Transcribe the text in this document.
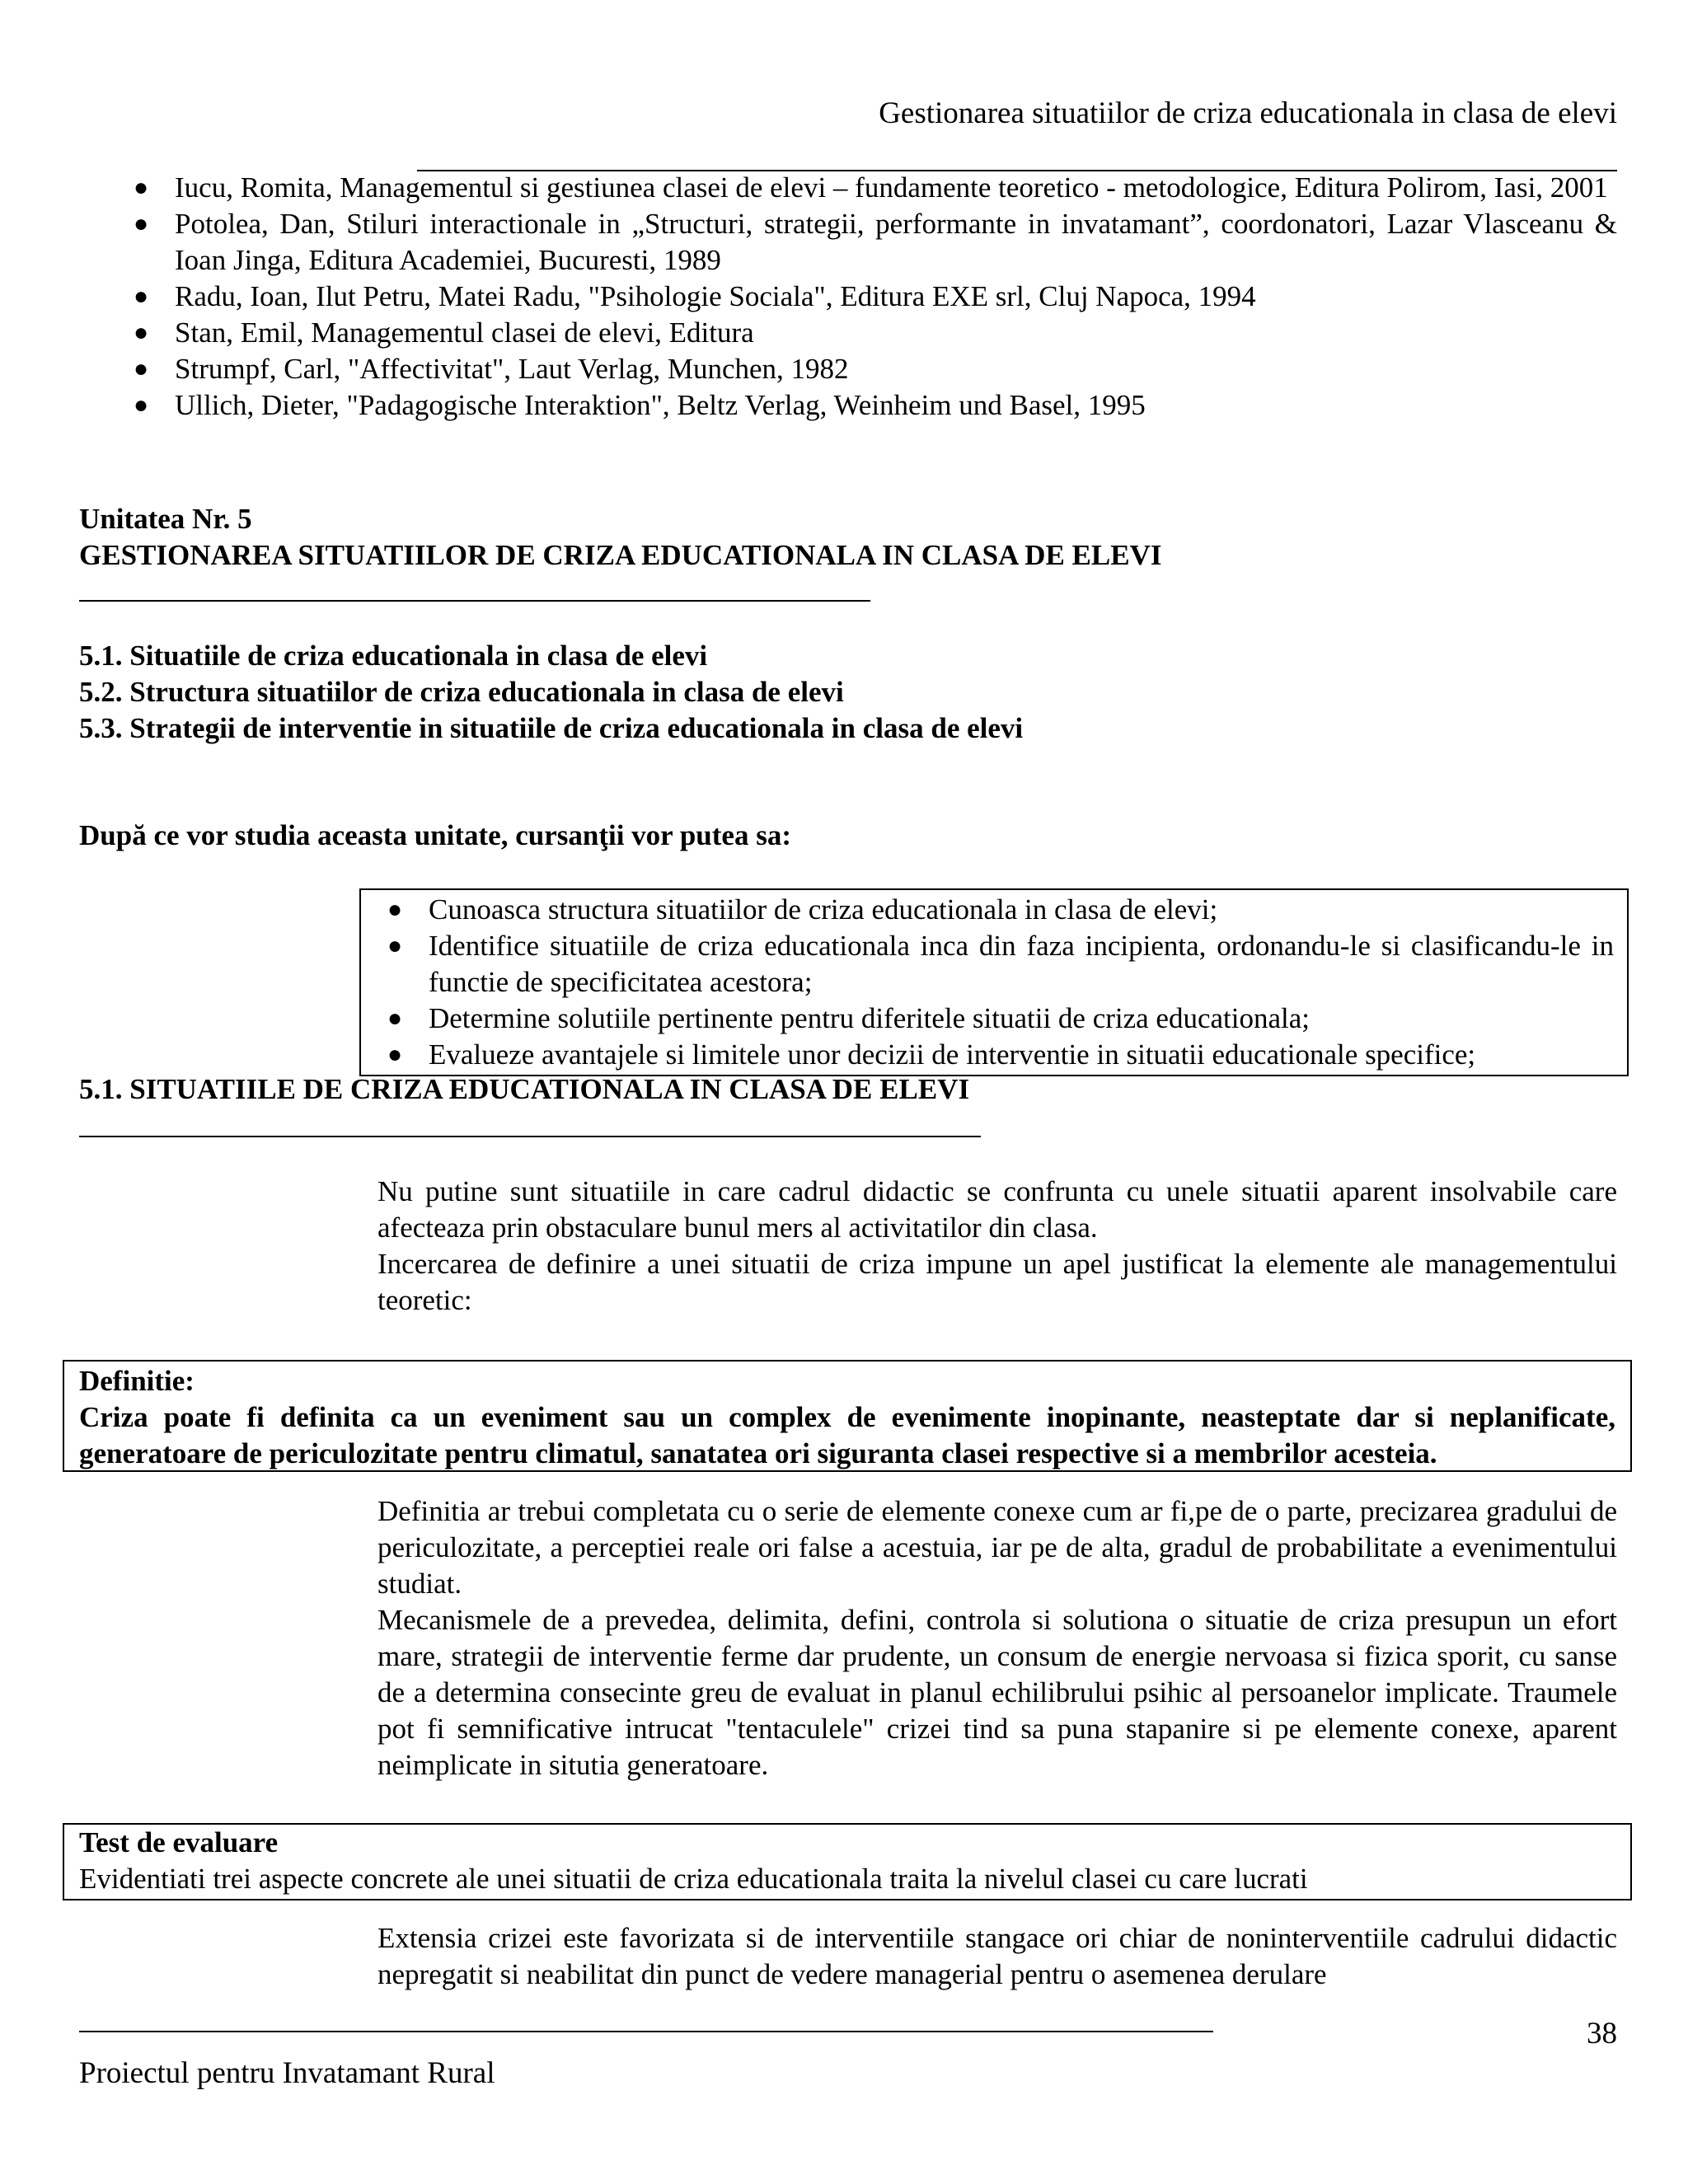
Gestionarea situatiilor de criza educationala in clasa de elevi
● Iucu, Romita, Managementul si gestiunea clasei de elevi – fundamente teoretico - metodologice, Editura Polirom, Iasi, 2001
● Potolea, Dan, Stiluri interactionale in „Structuri, strategii, performante in invatamant”, coordonatori, Lazar Vlasceanu & Ioan Jinga, Editura Academiei, Bucuresti, 1989
● Radu, Ioan, Ilut Petru, Matei Radu, "Psihologie Sociala", Editura EXE srl, Cluj Napoca, 1994
● Stan, Emil, Managementul clasei de elevi, Editura
● Strumpf, Carl, "Affectivitat", Laut Verlag, Munchen, 1982
● Ullich, Dieter, "Padagogische Interaktion", Beltz Verlag, Weinheim und Basel, 1995
Unitatea Nr. 5
GESTIONAREA SITUATIILOR DE CRIZA EDUCATIONALA IN CLASA DE ELEVI
5.1. Situatiile de criza educationala in clasa de elevi
5.2. Structura situatiilor de criza educationala in clasa de elevi
5.3. Strategii de interventie in situatiile de criza educationala in clasa de elevi
După ce vor studia aceasta unitate, cursanţii vor putea sa:
● Cunoasca structura situatiilor de criza educationala in clasa de elevi;
● Identifice situatiile de criza educationala inca din faza incipienta, ordonandu-le si clasificandu-le in functie de specificitatea acestora;
● Determine solutiile pertinente pentru diferitele situatii de criza educationala;
● Evalueze avantajele si limitele unor decizii de interventie in situatii educationale specifice;
5.1. SITUATIILE DE CRIZA EDUCATIONALA IN CLASA DE ELEVI
Nu putine sunt situatiile in care cadrul didactic se confrunta cu unele situatii aparent insolvabile care afecteaza prin obstaculare bunul mers al activitatilor din clasa.
Incercarea de definire a unei situatii de criza impune un apel justificat la elemente ale managementului teoretic:
Definitie:
Criza poate fi definita ca un eveniment sau un complex de evenimente inopinante, neasteptate dar si neplanificate, generatoare de periculozitate pentru climatul, sanatatea ori siguranta clasei respective si a membrilor acesteia.
Definitia ar trebui completata cu o serie de elemente conexe cum ar fi,pe de o parte, precizarea gradului de periculozitate, a perceptiei reale ori false a acestuia, iar pe de alta, gradul de probabilitate a evenimentului studiat.
Mecanismele de a prevedea, delimita, defini, controla si solutiona o situatie de criza presupun un efort mare, strategii de interventie ferme dar prudente, un consum de energie nervoasa si fizica sporit, cu sanse de a determina consecinte greu de evaluat in planul echilibrului psihic al persoanelor implicate. Traumele pot fi semnificative intrucat "tentaculele" crizei tind sa puna stapanire si pe elemente conexe, aparent neimplicate in situtia generatoare.
Test de evaluare
Evidentiati trei aspecte concrete ale unei situatii de criza educationala traita la nivelul clasei cu care lucrati
Extensia crizei este favorizata si de interventiile stangace ori chiar de noninterventiile cadrului didactic nepregatit si neabilitat din punct de vedere managerial pentru o asemenea derulare
38
Proiectul pentru Invatamant Rural
